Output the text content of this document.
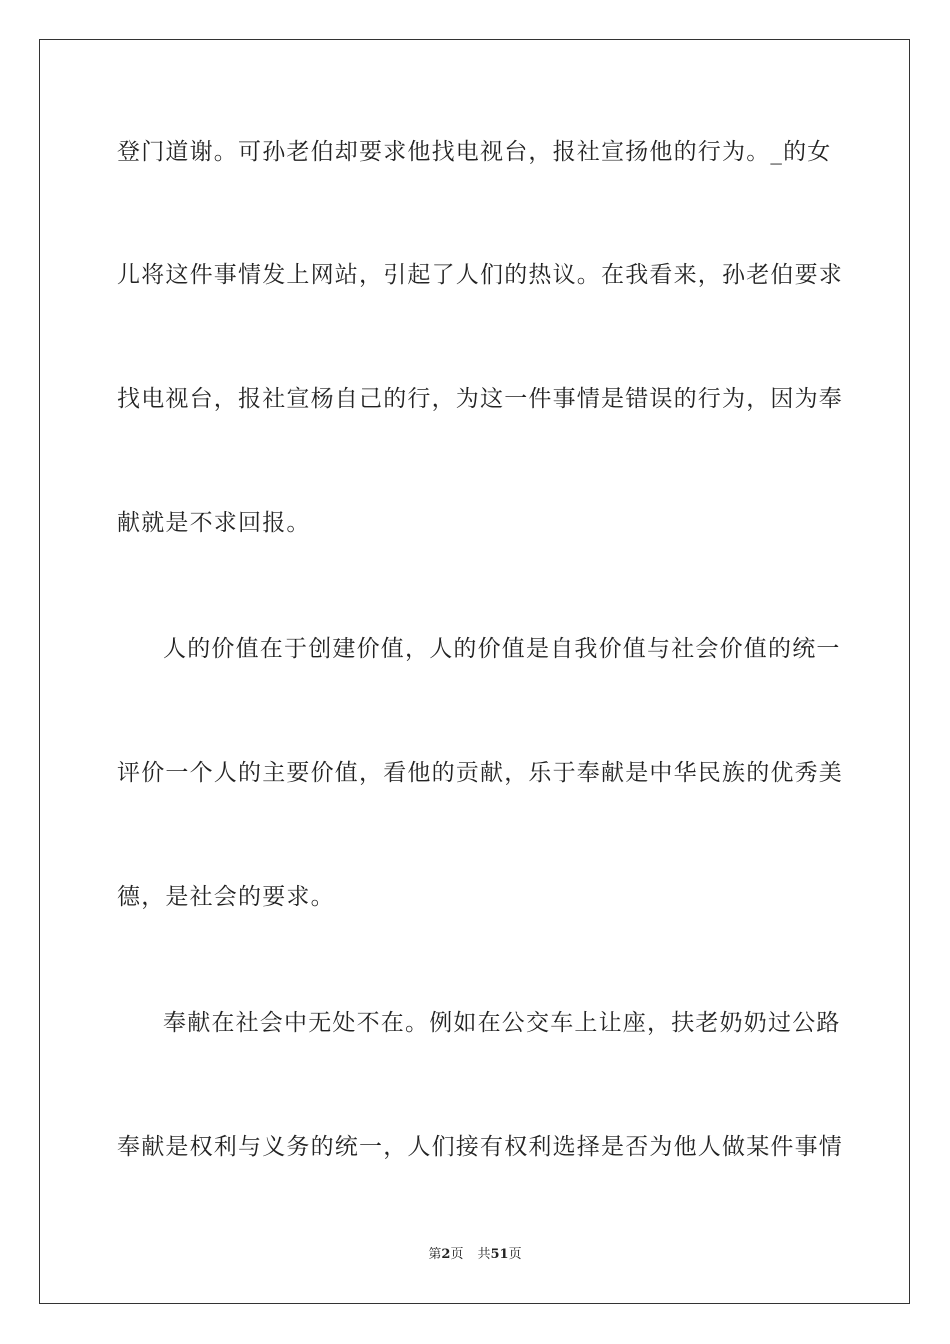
登门道谢。可孙老伯却要求他找电视台，报社宣扬他的行为。_的女
儿将这件事情发上网站，引起了人们的热议。在我看来，孙老伯要求
找电视台，报社宣杨自己的行，为这一件事情是错误的行为，因为奉
献就是不求回报。
人的价值在于创建价值，人的价值是自我价值与社会价值的统一
评价一个人的主要价值，看他的贡献，乐于奉献是中华民族的优秀美
德，是社会的要求。
奉献在社会中无处不在。例如在公交车上让座，扶老奶奶过公路
奉献是权利与义务的统一，人们接有权利选择是否为他人做某件事情
第2页 共51页
